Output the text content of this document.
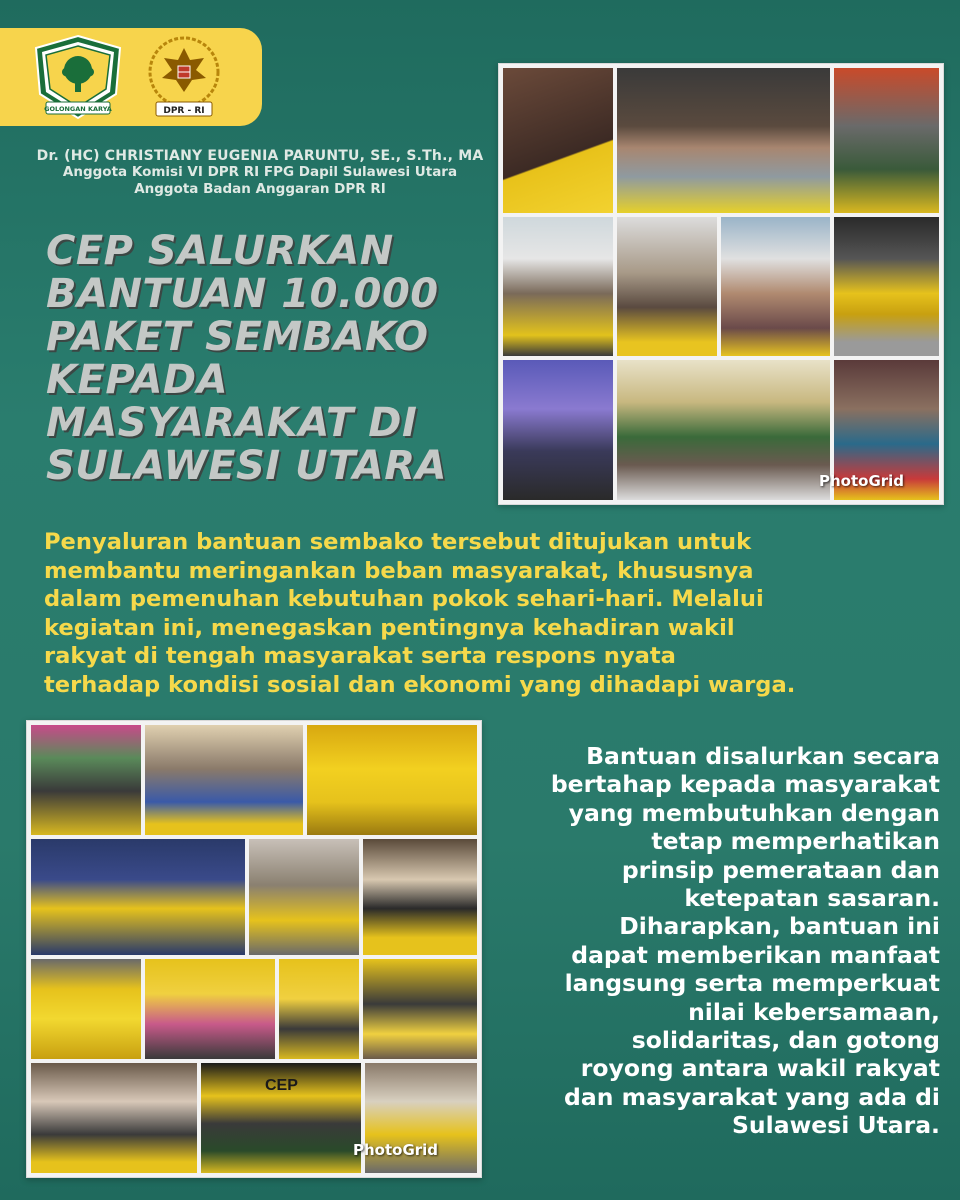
GOLONGAN KARYA	DPR - RI
Dr. (HC) CHRISTIANY EUGENIA PARUNTU, SE., S.Th., MA
Anggota Komisi VI DPR RI FPG Dapil Sulawesi Utara
Anggota Badan Anggaran DPR RI
CEP SALURKAN
BANTUAN 10.000
PAKET SEMBAKO
KEPADA
MASYARAKAT DI
SULAWESI UTARA	PhotoGrid
Penyaluran bantuan sembako tersebut ditujukan untuk
membantu meringankan beban masyarakat, khususnya
dalam pemenuhan kebutuhan pokok sehari-hari. Melalui
kegiatan ini, menegaskan pentingnya kehadiran wakil
rakyat di tengah masyarakat serta respons nyata
terhadap kondisi sosial dan ekonomi yang dihadapi warga.
CEP
PhotoGrid
Bantuan disalurkan secara
bertahap kepada masyarakat
yang membutuhkan dengan
tetap memperhatikan
prinsip pemerataan dan
ketepatan sasaran.
Diharapkan, bantuan ini
dapat memberikan manfaat
langsung serta memperkuat
nilai kebersamaan,
solidaritas, dan gotong
royong antara wakil rakyat
dan masyarakat yang ada di
Sulawesi Utara.
